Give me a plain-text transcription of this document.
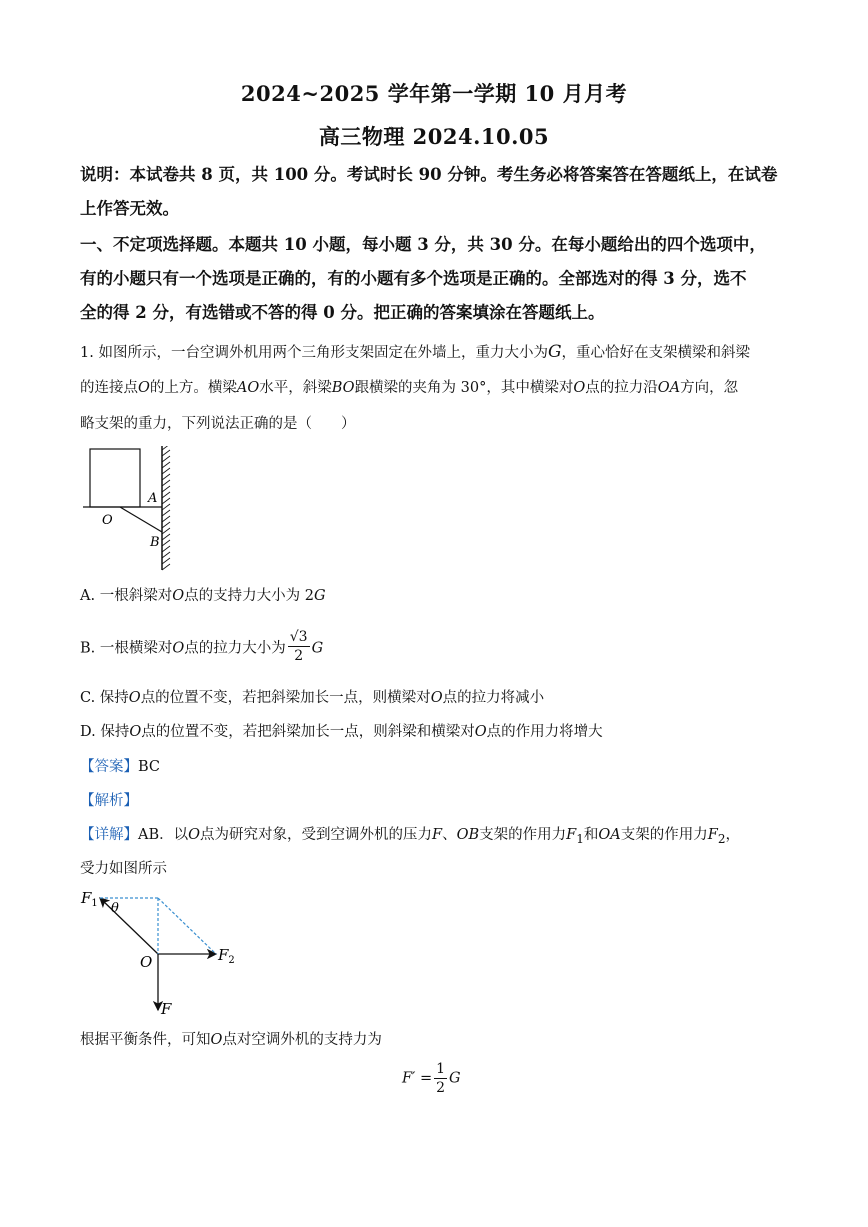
2024~2025 学年第一学期 10 月月考
高三物理 2024.10.05
说明：本试卷共 8 页，共 100 分。考试时长 90 分钟。考生务必将答案答在答题纸上，在试卷
上作答无效。
一、不定项选择题。本题共 10 小题，每小题 3 分，共 30 分。在每小题给出的四个选项中，
有的小题只有一个选项是正确的，有的小题有多个选项是正确的。全部选对的得 3 分，选不
全的得 2 分，有选错或不答的得 0 分。把正确的答案填涂在答题纸上。
1. 如图所示，一台空调外机用两个三角形支架固定在外墙上，重力大小为G，重心恰好在支架横梁和斜梁
的连接点O的上方。横梁AO水平，斜梁BO跟横梁的夹角为 30°，其中横梁对O点的拉力沿OA方向，忽
略支架的重力，下列说法正确的是（　　）
A
O
B
A. 一根斜梁对O点的支持力大小为 2G
B. 一根横梁对O点的拉力大小为 $\frac{√3}{2}$ G
C. 保持O点的位置不变，若把斜梁加长一点，则横梁对O点的拉力将减小
D. 保持O点的位置不变，若把斜梁加长一点，则斜梁和横梁对O点的作用力将增大
【答案】BC
【解析】
【详解】AB．以O点为研究对象，受到空调外机的压力F、OB支架的作用力$F_1$和OA支架的作用力$F_2$，
受力如图所示
$F_1$ θ
O	$F_2$
F
根据平衡条件，可知O点对空调外机的支持力为
$F' = \frac{1}{2}$ G
